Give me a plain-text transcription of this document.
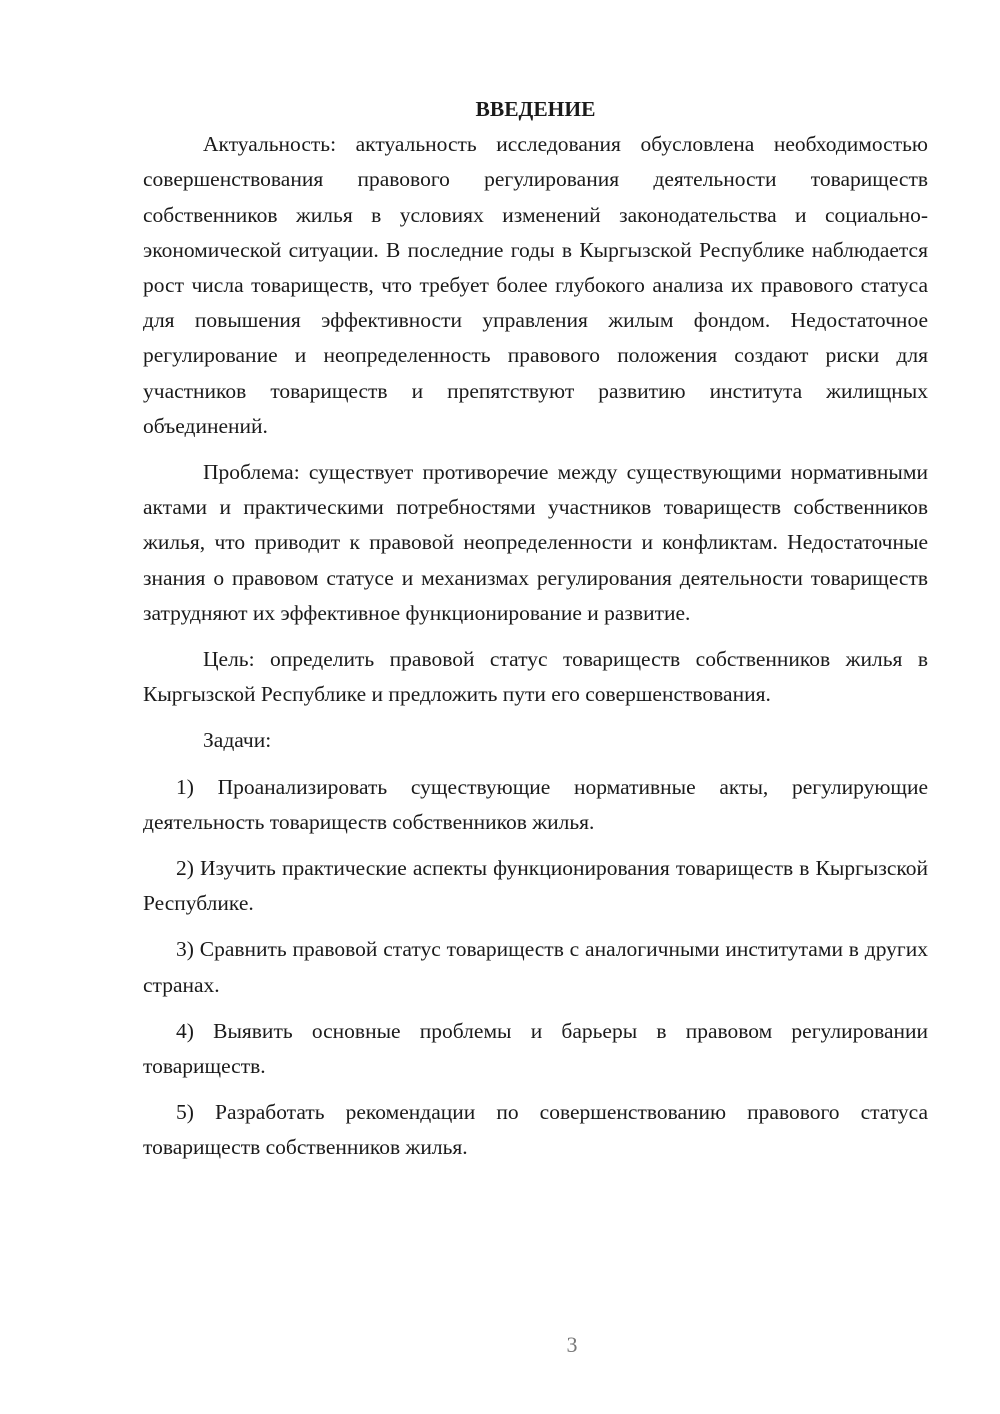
ВВЕДЕНИЕ

Актуальность: актуальность исследования обусловлена необходимостью совершенствования правового регулирования деятельности товариществ собственников жилья в условиях изменений законодательства и социально-экономической ситуации. В последние годы в Кыргызской Республике наблюдается рост числа товариществ, что требует более глубокого анализа их правового статуса для повышения эффективности управления жилым фондом. Недостаточное регулирование и неопределенность правового положения создают риски для участников товариществ и препятствуют развитию института жилищных объединений.

Проблема: существует противоречие между существующими нормативными актами и практическими потребностями участников товариществ собственников жилья, что приводит к правовой неопределенности и конфликтам. Недостаточные знания о правовом статусе и механизмах регулирования деятельности товариществ затрудняют их эффективное функционирование и развитие.

Цель: определить правовой статус товариществ собственников жилья в Кыргызской Республике и предложить пути его совершенствования.

Задачи:

1) Проанализировать существующие нормативные акты, регулирующие деятельность товариществ собственников жилья.

2) Изучить практические аспекты функционирования товариществ в Кыргызской Республике.

3) Сравнить правовой статус товариществ с аналогичными институтами в других странах.

4) Выявить основные проблемы и барьеры в правовом регулировании товариществ.

5) Разработать рекомендации по совершенствованию правового статуса товариществ собственников жилья.

3
